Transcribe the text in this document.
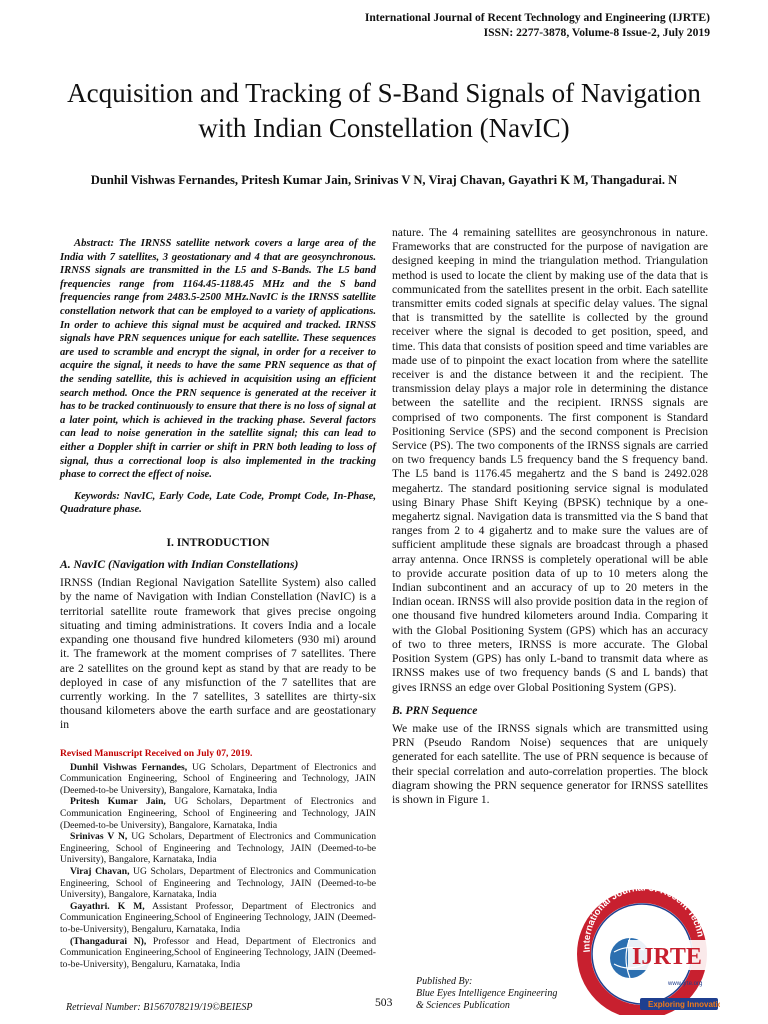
International Journal of Recent Technology and Engineering (IJRTE)
ISSN: 2277-3878, Volume-8 Issue-2, July 2019
Acquisition and Tracking of S-Band Signals of Navigation with Indian Constellation (NavIC)
Dunhil Vishwas Fernandes, Pritesh Kumar Jain, Srinivas V N, Viraj Chavan, Gayathri K M, Thangadurai. N

Abstract: The IRNSS satellite network covers a large area of the India with 7 satellites, 3 geostationary and 4 that are geosynchronous. IRNSS signals are transmitted in the L5 and S-Bands. The L5 band frequencies range from 1164.45-1188.45 MHz and the S band frequencies range from 2483.5-2500 MHz.NavIC is the IRNSS satellite constellation network that can be employed to a variety of applications. In order to achieve this signal must be acquired and tracked. IRNSS signals have PRN sequences unique for each satellite. These sequences are used to scramble and encrypt the signal, in order for a receiver to acquire the signal, it needs to have the same PRN sequence as that of the sending satellite, this is achieved in acquisition using an efficient search method. Once the PRN sequence is generated at the receiver it has to be tracked continuously to ensure that there is no loss of signal at a later point, which is achieved in the tracking phase. Several factors can lead to noise generation in the satellite signal; this can lead to either a Doppler shift in carrier or shift in PRN both leading to loss of signal, thus a correctional loop is also implemented in the tracking phase to correct the effect of noise.

Keywords: NavIC, Early Code, Late Code, Prompt Code, In-Phase, Quadrature phase.

I. INTRODUCTION
A. NavIC (Navigation with Indian Constellations)

IRNSS (Indian Regional Navigation Satellite System) also called by the name of Navigation with Indian Constellation (NavIC) is a territorial satellite route framework that gives precise ongoing situating and timing administrations. It covers India and a locale expanding one thousand five hundred kilometers (930 mi) around it. The framework at the moment comprises of 7 satellites. There are 2 satellites on the ground kept as stand by that are ready to be deployed in case of any misfunction of the 7 satellites that are currently working. In the 7 satellites, 3 satellites are thirty-six thousand kilometers above the earth surface and are geostationary in

Revised Manuscript Received on July 07, 2019.

Dunhil Vishwas Fernandes, UG Scholars, Department of Electronics and Communication Engineering, School of Engineering and Technology, JAIN (Deemed-to-be University), Bangalore, Karnataka, India

Pritesh Kumar Jain, UG Scholars, Department of Electronics and Communication Engineering, School of Engineering and Technology, JAIN (Deemed-to-be University), Bangalore, Karnataka, India

Srinivas V N, UG Scholars, Department of Electronics and Communication Engineering, School of Engineering and Technology, JAIN (Deemed-to-be University), Bangalore, Karnataka, India

Viraj Chavan, UG Scholars, Department of Electronics and Communication Engineering, School of Engineering and Technology, JAIN (Deemed-to-be University), Bangalore, Karnataka, India

Gayathri. K M, Assistant Professor, Department of Electronics and Communication Engineering,School of Engineering Technology, JAIN (Deemed-to-be-University), Bengaluru, Karnataka, India

(Thangadurai N), Professor and Head, Department of Electronics and Communication Engineering,School of Engineering Technology, JAIN (Deemed-to-be-University), Bengaluru, Karnataka, India

nature. The 4 remaining satellites are geosynchronous in nature. Frameworks that are constructed for the purpose of navigation are designed keeping in mind the triangulation method. Triangulation method is used to locate the client by making use of the data that is communicated from the satellites present in the orbit. Each satellite transmitter emits coded signals at specific delay values. The signal that is transmitted by the satellite is collected by the ground receiver where the signal is decoded to get position, speed, and time. This data that consists of position speed and time variables are made use of to pinpoint the exact location from where the satellite receiver is and the distance between it and the recipient. The transmission delay plays a major role in determining the distance between the satellite and the recipient. IRNSS signals are comprised of two components. The first component is Standard Positioning Service (SPS) and the second component is Precision Service (PS). The two components of the IRNSS signals are carried on two frequency bands L5 frequency band the S frequency band. The L5 band is 1176.45 megahertz and the S band is 2492.028 megahertz. The standard positioning service signal is modulated using Binary Phase Shift Keying (BPSK) technique by a one-megahertz signal. Navigation data is transmitted via the S band that ranges from 2 to 4 gigahertz and to make sure the values are of sufficient amplitude these signals are broadcast through a phased array antenna. Once IRNSS is completely operational will be able to provide accurate position data of up to 10 meters along the Indian subcontinent and an accuracy of up to 20 meters in the Indian ocean. IRNSS will also provide position data in the region of one thousand five hundred kilometers around India. Comparing it with the Global Positioning System (GPS) which has an accuracy of two to three meters, IRNSS is more accurate. The Global Position System (GPS) has only L-band to transmit data where as IRNSS makes use of two frequency bands (S and L bands) that gives IRNSS an edge over Global Positioning System (GPS).

B. PRN Sequence

We make use of the IRNSS signals which are transmitted using PRN (Pseudo Random Noise) sequences that are uniquely generated for each satellite. The use of PRN sequence is because of their special correlation and auto-correlation properties. The block diagram showing the PRN sequence generator for IRNSS satellites is shown in Figure 1.

Retrieval Number: B1567078219/19©BEIESP	503
Published By:
Blue Eyes Intelligence Engineering
& Sciences Publication
International Journal of Recent Techn
IJRTE
www.ijrte.org
Exploring Innovation
